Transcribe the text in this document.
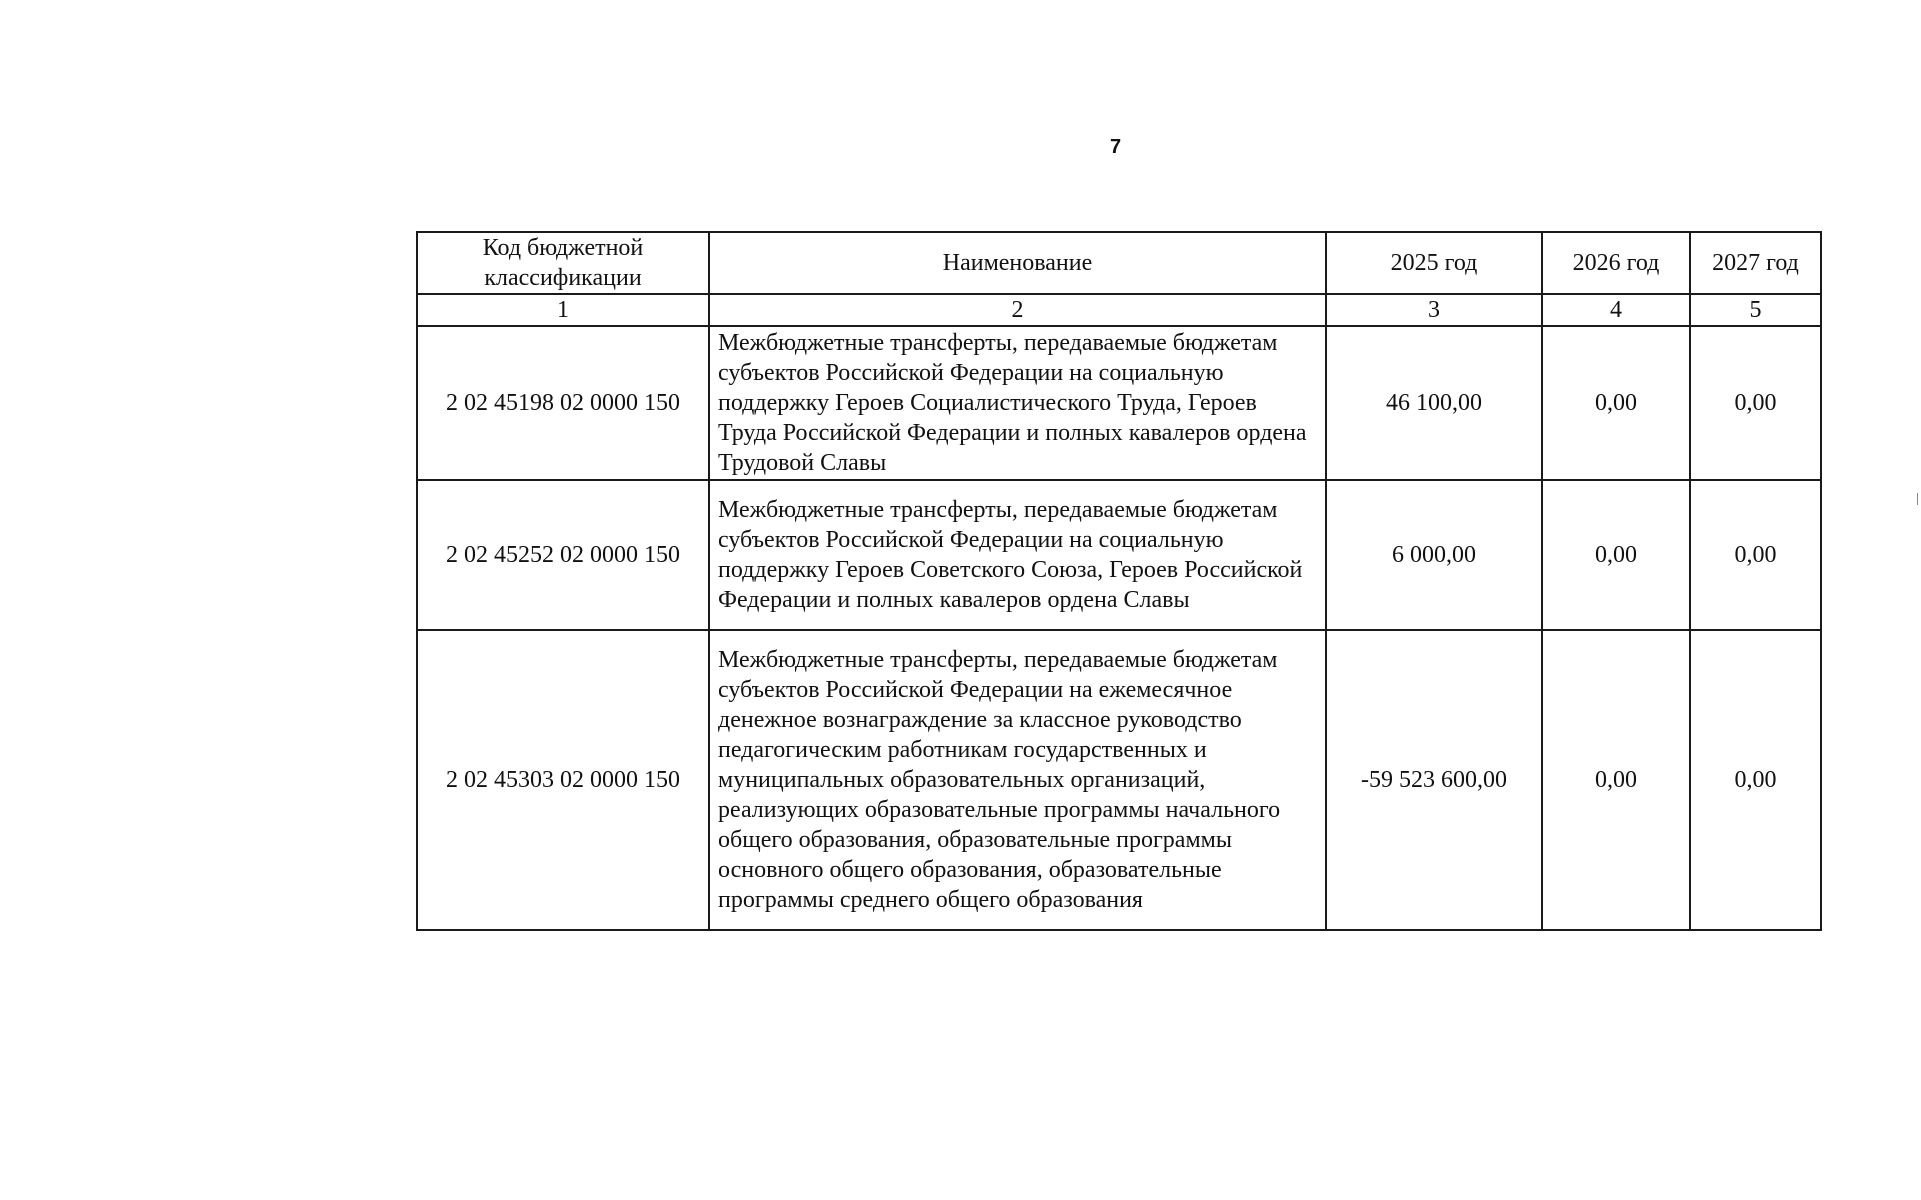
7
Код бюджетной классификации	Наименование	2025 год	2026 год	2027 год
1	2	3	4	5
2 02 45198 02 0000 150	Межбюджетные трансферты, передаваемые бюджетам субъектов Российской Федерации на социальную поддержку Героев Социалистического Труда, Героев Труда Российской Федерации и полных кавалеров ордена Трудовой Славы	46 100,00	0,00	0,00
2 02 45252 02 0000 150	Межбюджетные трансферты, передаваемые бюджетам субъектов Российской Федерации на социальную поддержку Героев Советского Союза, Героев Российской Федерации и полных кавалеров ордена Славы	6 000,00	0,00	0,00
2 02 45303 02 0000 150	Межбюджетные трансферты, передаваемые бюджетам субъектов Российской Федерации на ежемесячное денежное вознаграждение за классное руководство педагогическим работникам государственных и муниципальных образовательных организаций, реализующих образовательные программы начального общего образования, образовательные программы основного общего образования, образовательные программы среднего общего образования	-59 523 600,00	0,00	0,00
